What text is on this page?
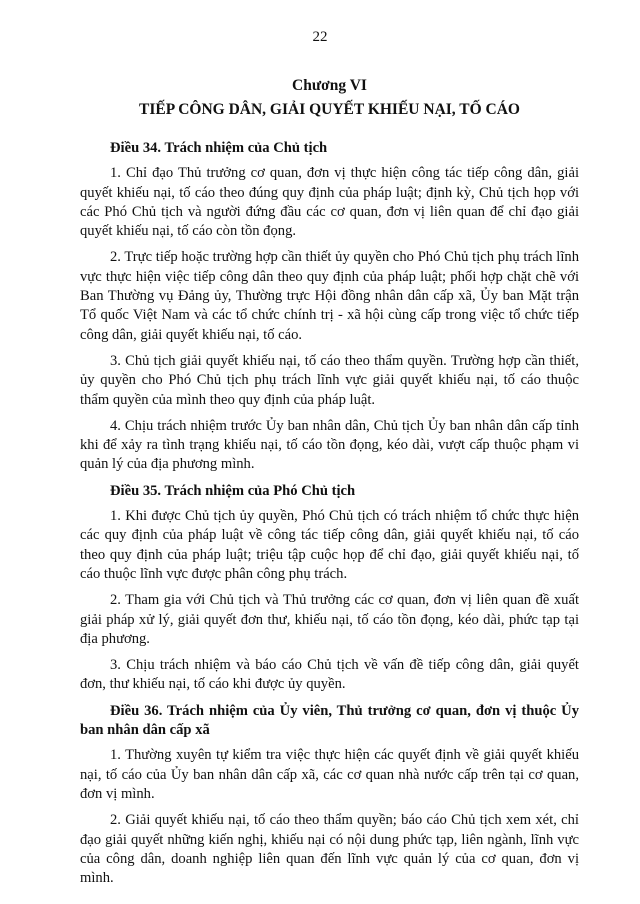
22
Chương VI
TIẾP CÔNG DÂN, GIẢI QUYẾT KHIẾU NẠI, TỐ CÁO
Điều 34. Trách nhiệm của Chủ tịch
1. Chỉ đạo Thủ trưởng cơ quan, đơn vị thực hiện công tác tiếp công dân, giải quyết khiếu nại, tố cáo theo đúng quy định của pháp luật; định kỳ, Chủ tịch họp với các Phó Chủ tịch và người đứng đầu các cơ quan, đơn vị liên quan để chỉ đạo giải quyết khiếu nại, tố cáo còn tồn đọng.
2. Trực tiếp hoặc trường hợp cần thiết ủy quyền cho Phó Chủ tịch phụ trách lĩnh vực thực hiện việc tiếp công dân theo quy định của pháp luật; phối hợp chặt chẽ với Ban Thường vụ Đảng ủy, Thường trực Hội đồng nhân dân cấp xã, Ủy ban Mặt trận Tổ quốc Việt Nam và các tổ chức chính trị - xã hội cùng cấp trong việc tổ chức tiếp công dân, giải quyết khiếu nại, tố cáo.
3. Chủ tịch giải quyết khiếu nại, tố cáo theo thẩm quyền. Trường hợp cần thiết, ủy quyền cho Phó Chủ tịch phụ trách lĩnh vực giải quyết khiếu nại, tố cáo thuộc thẩm quyền của mình theo quy định của pháp luật.
4. Chịu trách nhiệm trước Ủy ban nhân dân, Chủ tịch Ủy ban nhân dân cấp tỉnh khi để xảy ra tình trạng khiếu nại, tố cáo tồn đọng, kéo dài, vượt cấp thuộc phạm vi quản lý của địa phương mình.
Điều 35. Trách nhiệm của Phó Chủ tịch
1. Khi được Chủ tịch ủy quyền, Phó Chủ tịch có trách nhiệm tổ chức thực hiện các quy định của pháp luật về công tác tiếp công dân, giải quyết khiếu nại, tố cáo theo quy định của pháp luật; triệu tập cuộc họp để chỉ đạo, giải quyết khiếu nại, tố cáo thuộc lĩnh vực được phân công phụ trách.
2. Tham gia với Chủ tịch và Thủ trưởng các cơ quan, đơn vị liên quan đề xuất giải pháp xử lý, giải quyết đơn thư, khiếu nại, tố cáo tồn đọng, kéo dài, phức tạp tại địa phương.
3. Chịu trách nhiệm và báo cáo Chủ tịch về vấn đề tiếp công dân, giải quyết đơn, thư khiếu nại, tố cáo khi được ủy quyền.
Điều 36. Trách nhiệm của Ủy viên, Thủ trưởng cơ quan, đơn vị thuộc Ủy ban nhân dân cấp xã
1. Thường xuyên tự kiểm tra việc thực hiện các quyết định về giải quyết khiếu nại, tố cáo của Ủy ban nhân dân cấp xã, các cơ quan nhà nước cấp trên tại cơ quan, đơn vị mình.
2. Giải quyết khiếu nại, tố cáo theo thẩm quyền; báo cáo Chủ tịch xem xét, chỉ đạo giải quyết những kiến nghị, khiếu nại có nội dung phức tạp, liên ngành, lĩnh vực của công dân, doanh nghiệp liên quan đến lĩnh vực quản lý của cơ quan, đơn vị mình.
